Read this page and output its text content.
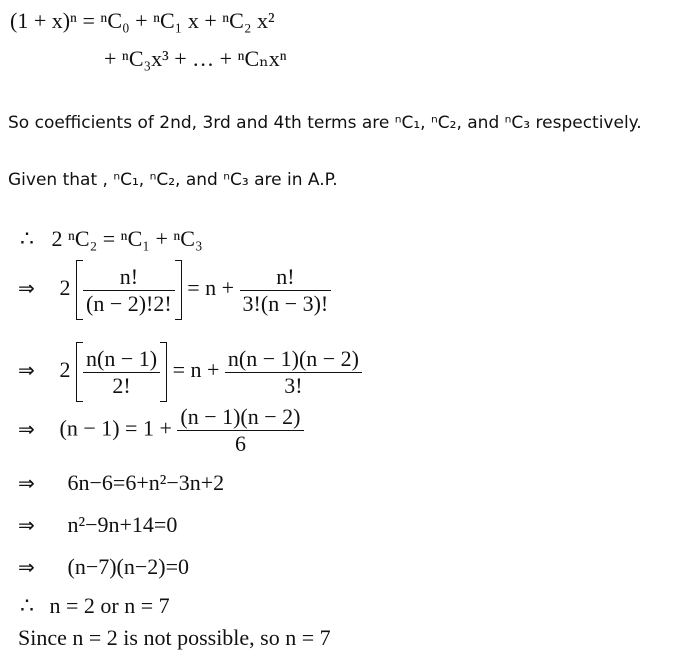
(1 + x)ⁿ = ⁿC₀ + ⁿC₁ x + ⁿC₂ x²
+ ⁿC₃x³ + … + ⁿCₙxⁿ
So coefficients of 2nd, 3rd and 4th terms are ⁿC₁, ⁿC₂, and ⁿC₃ respectively.
Given that , ⁿC₁, ⁿC₂, and ⁿC₃ are in A.P.
∴ 2 ⁿC₂ = ⁿC₁ + ⁿC₃
⇒ $2 \frac{n!}{(n - 2)!2!} = n + \frac{n!}{3!(n - 3)!}$
⇒ $2 \frac{n(n - 1)}{2!} = n + \frac{n(n - 1)(n - 2)}{3!}$
⇒ $(n - 1) = 1 + \frac{(n - 1)(n - 2)}{6}$
⇒ 6n−6=6+n²−3n+2
⇒ n²−9n+14=0
⇒ (n−7)(n−2)=0
∴ n = 2 or n = 7
Since n = 2 is not possible, so n = 7
